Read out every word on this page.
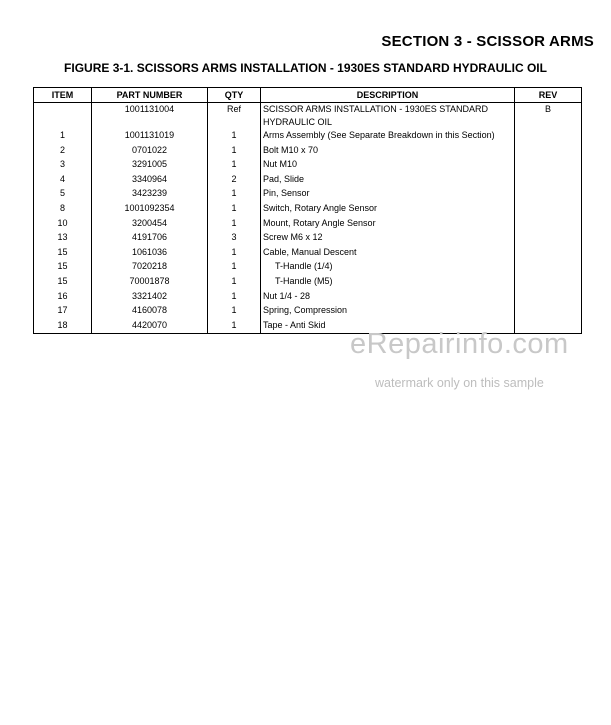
SECTION 3 - SCISSOR ARMS
FIGURE 3-1. SCISSORS ARMS INSTALLATION - 1930ES STANDARD HYDRAULIC OIL
ITEM	PART NUMBER	QTY	DESCRIPTION	REV
	1001131004	Ref	SCISSOR ARMS INSTALLATION - 1930ES STANDARD HYDRAULIC OIL	B
1	1001131019	1	Arms Assembly (See Separate Breakdown in this Section)	
2	0701022	1	Bolt M10 x 70	
3	3291005	1	Nut M10	
4	3340964	2	Pad, Slide	
5	3423239	1	Pin, Sensor	
8	1001092354	1	Switch, Rotary Angle Sensor	
10	3200454	1	Mount, Rotary Angle Sensor	
13	4191706	3	Screw M6 x 12	
15	1061036	1	Cable, Manual Descent	
15	7020218	1	T-Handle (1/4)	
15	70001878	1	T-Handle (M5)	
16	3321402	1	Nut 1/4 - 28	
17	4160078	1	Spring, Compression	
18	4420070	1	Tape - Anti Skid	
eRepairinfo.com
watermark only on this sample
